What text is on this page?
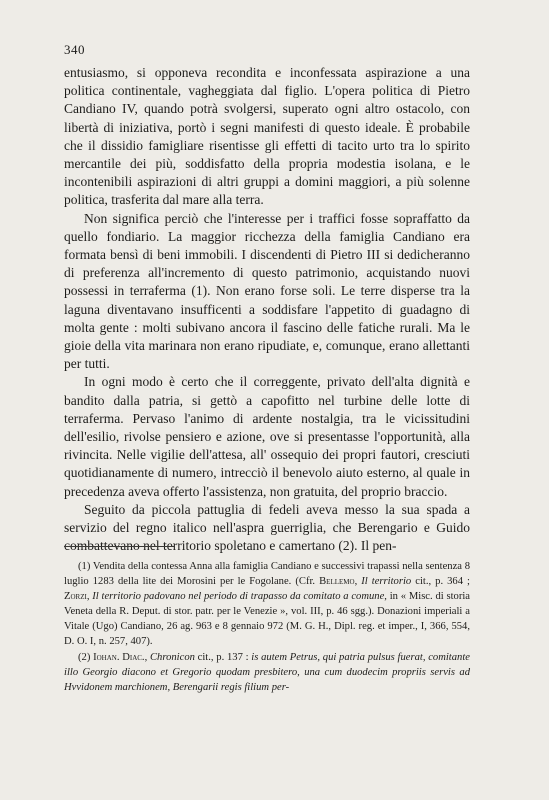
340

entusiasmo, si opponeva recondita e inconfessata aspirazione a una politica continentale, vagheggiata dal figlio. L'opera politica di Pietro Candiano IV, quando potrà svolgersi, superato ogni altro ostacolo, con libertà di iniziativa, portò i segni manifesti di questo ideale. È probabile che il dissidio famigliare risentisse gli effetti di tacito urto tra lo spirito mercantile dei più, soddisfatto della propria modestia isolana, e le incontenibili aspirazioni di altri gruppi a domini maggiori, a più solenne politica, trasferita dal mare alla terra.

Non significa perciò che l'interesse per i traffici fosse sopraffatto da quello fondiario. La maggior ricchezza della famiglia Candiano era formata bensì di beni immobili. I discendenti di Pietro III si dedicheranno di preferenza all'incremento di questo patrimonio, acquistando nuovi possessi in terraferma (1). Non erano forse soli. Le terre disperse tra la laguna diventavano insufficenti a soddisfare l'appetito di guadagno di molta gente : molti subivano ancora il fascino delle fatiche rurali. Ma le gioie della vita marinara non erano ripudiate, e, comunque, erano allettanti per tutti.

In ogni modo è certo che il correggente, privato dell'alta dignità e bandito dalla patria, si gettò a capofitto nel turbine delle lotte di terraferma. Pervaso l'animo di ardente nostalgia, tra le vicissitudini dell'esilio, rivolse pensiero e azione, ove si presentasse l'opportunità, alla rivincita. Nelle vigilie dell'attesa, all' ossequio dei propri fautori, cresciuti quotidianamente di numero, intrecciò il benevolo aiuto esterno, al quale in precedenza aveva offerto l'assistenza, non gratuita, del proprio braccio.

Seguito da piccola pattuglia di fedeli aveva messo la sua spada a servizio del regno italico nell'aspra guerriglia, che Berengario e Guido combattevano nel territorio spoletano e camertano (2). Il pen-

(1) Vendita della contessa Anna alla famiglia Candiano e successivi trapassi nella sentenza 8 luglio 1283 della lite dei Morosini per le Fogolane. (Cfr. Bellemo, Il territorio cit., p. 364 ; Zorzi, Il territorio padovano nel periodo di trapasso da comitato a comune, in « Misc. di storia Veneta della R. Deput. di stor. patr. per le Venezie », vol. III, p. 46 sgg.). Donazioni imperiali a Vitale (Ugo) Candiano, 26 ag. 963 e 8 gennaio 972 (M. G. H., Dipl. reg. et imper., I, 366, 554, D. O. I, n. 257, 407).

(2) Iohan. Diac., Chronicon cit., p. 137 : is autem Petrus, qui patria pulsus fuerat, comitante illo Georgio diacono et Gregorio quodam presbitero, una cum duodecim propriis servis ad Hvvidonem marchionem, Berengarii regis filium per-
